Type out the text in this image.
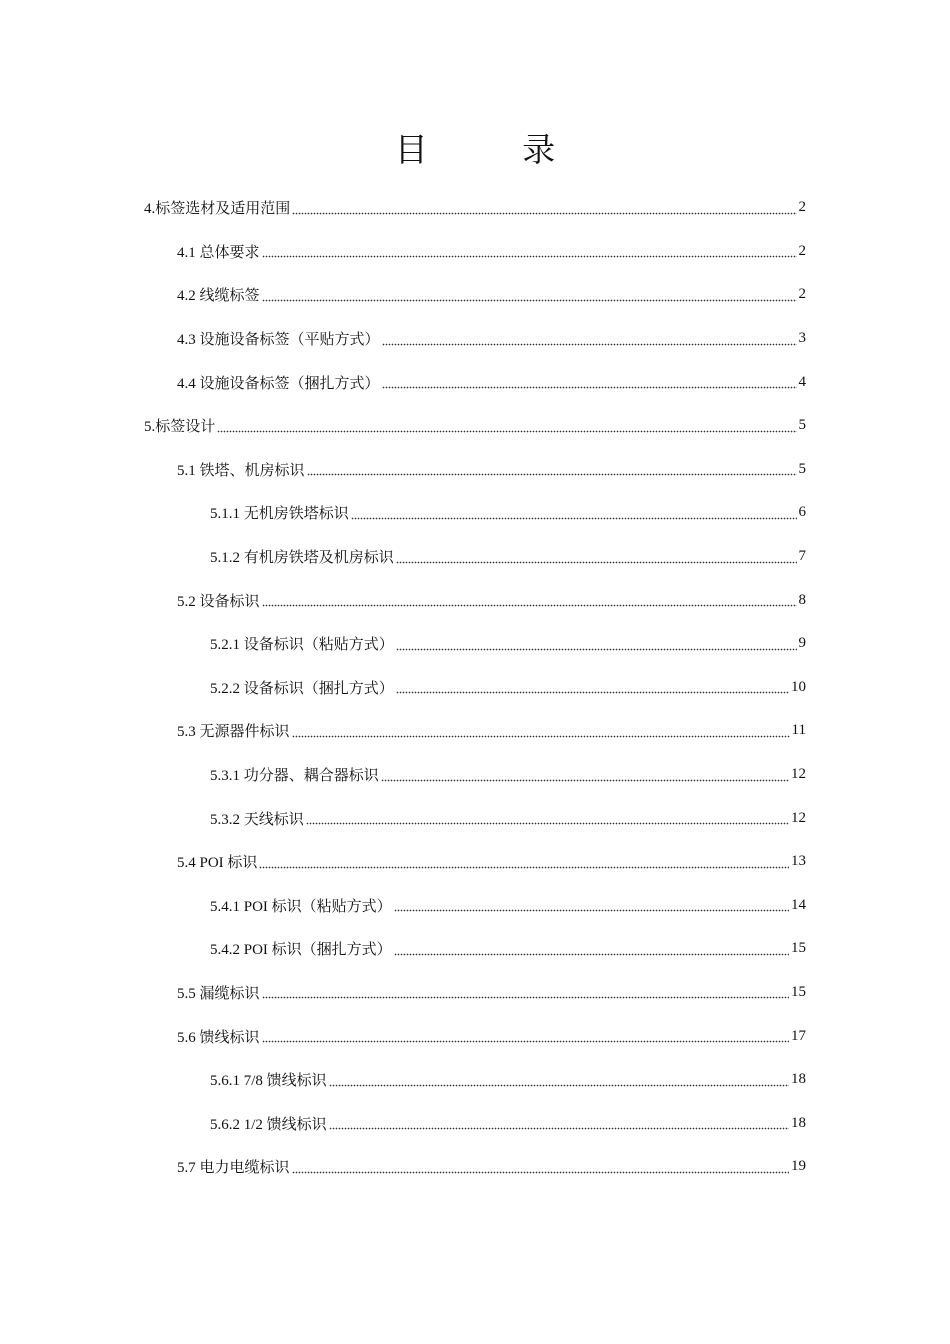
目 录
4.标签选材及适用范围	2
4.1 总体要求	2
4.2 线缆标签	2
4.3 设施设备标签（平贴方式）	3
4.4 设施设备标签（捆扎方式）	4
5.标签设计	5
5.1 铁塔、机房标识	5
5.1.1 无机房铁塔标识	6
5.1.2 有机房铁塔及机房标识	7
5.2 设备标识	8
5.2.1 设备标识（粘贴方式）	9
5.2.2 设备标识（捆扎方式）	10
5.3 无源器件标识	11
5.3.1 功分器、耦合器标识	12
5.3.2 天线标识	12
5.4 POI 标识	13
5.4.1 POI 标识（粘贴方式）	14
5.4.2 POI 标识（捆扎方式）	15
5.5 漏缆标识	15
5.6 馈线标识	17
5.6.1 7/8 馈线标识	18
5.6.2 1/2 馈线标识	18
5.7 电力电缆标识	19
